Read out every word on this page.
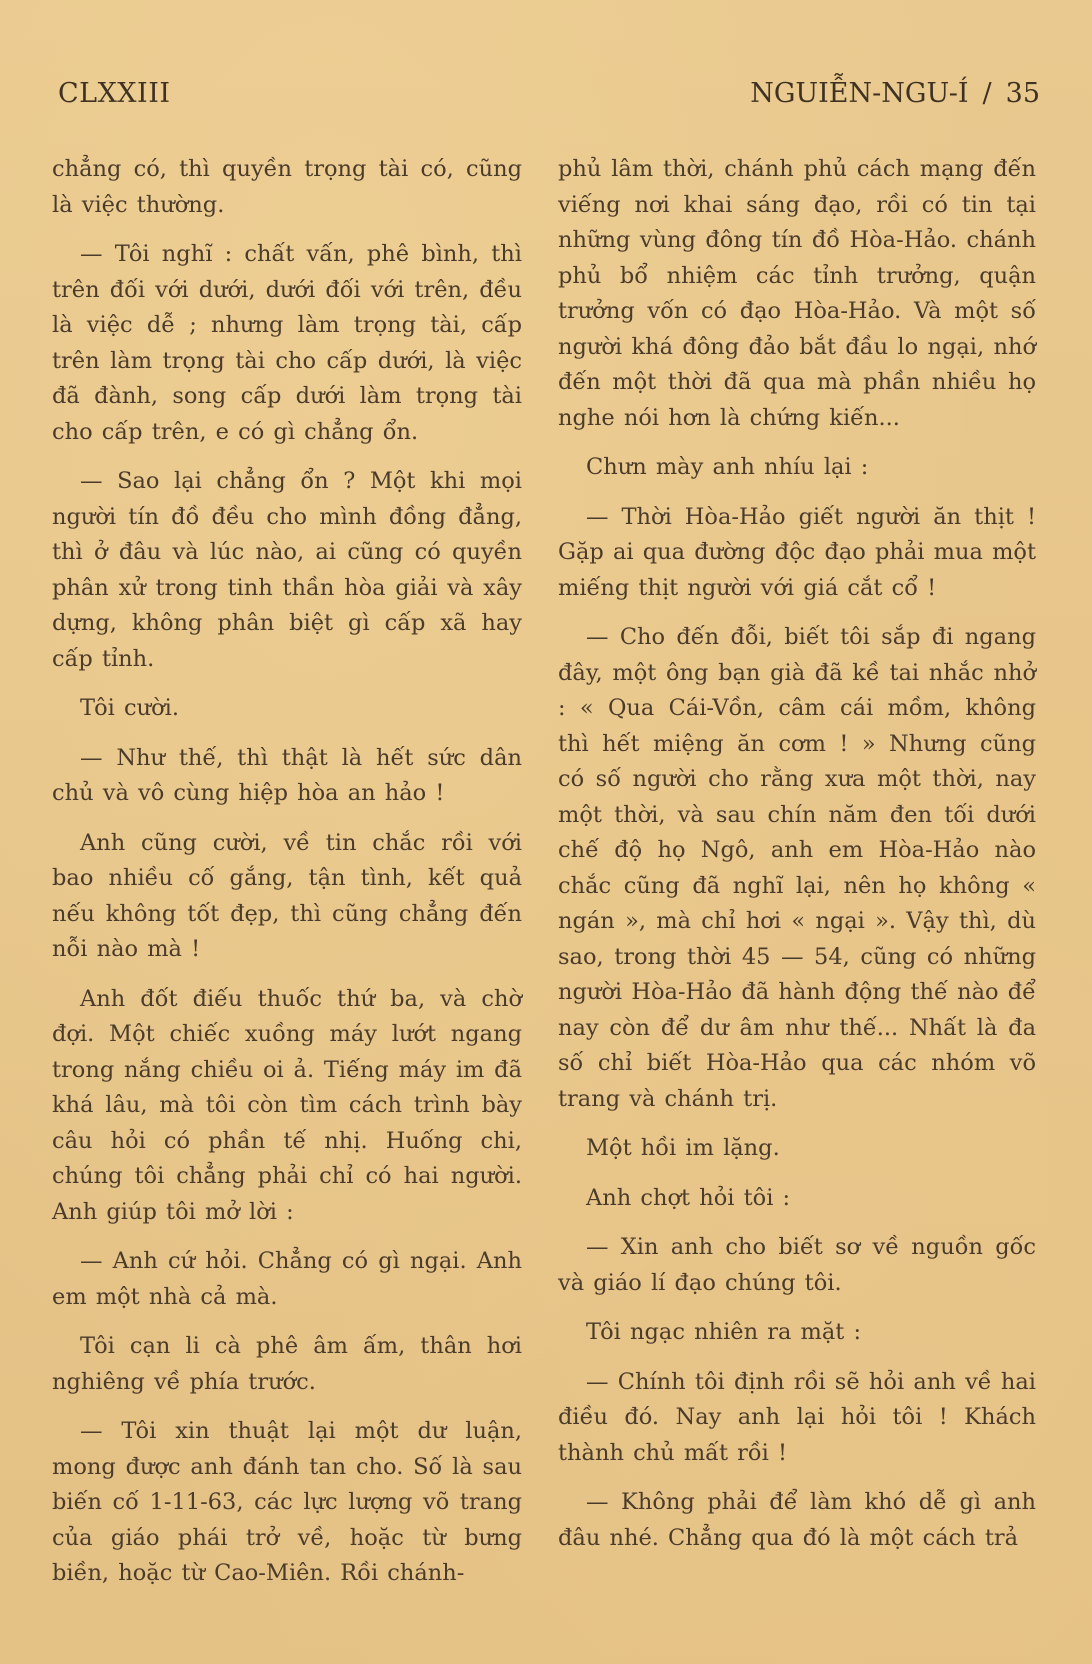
CLXXIII	NGUIỄN-NGU-Í / 35

chẳng có, thì quyền trọng tài có, cũng là việc thường.

— Tôi nghĩ : chất vấn, phê bình, thì trên đối với dưới, dưới đối với trên, đều là việc dễ ; nhưng làm trọng tài, cấp trên làm trọng tài cho cấp dưới, là việc đã đành, song cấp dưới làm trọng tài cho cấp trên, e có gì chẳng ổn.

— Sao lại chẳng ổn ? Một khi mọi người tín đồ đều cho mình đồng đẳng, thì ở đâu và lúc nào, ai cũng có quyền phân xử trong tinh thần hòa giải và xây dựng, không phân biệt gì cấp xã hay cấp tỉnh.

Tôi cười.

— Như thế, thì thật là hết sức dân chủ và vô cùng hiệp hòa an hảo !

Anh cũng cười, về tin chắc rồi với bao nhiều cố gắng, tận tình, kết quả nếu không tốt đẹp, thì cũng chẳng đến nỗi nào mà !

Anh đốt điếu thuốc thứ ba, và chờ đợi. Một chiếc xuồng máy lướt ngang trong nắng chiều oi ả. Tiếng máy im đã khá lâu, mà tôi còn tìm cách trình bày câu hỏi có phần tế nhị. Huống chi, chúng tôi chẳng phải chỉ có hai người. Anh giúp tôi mở lời :

— Anh cứ hỏi. Chẳng có gì ngại. Anh em một nhà cả mà.

Tôi cạn li cà phê âm ấm, thân hơi nghiêng về phía trước.

— Tôi xin thuật lại một dư luận, mong được anh đánh tan cho. Số là sau biến cố 1-11-63, các lực lượng võ trang của giáo phái trở về, hoặc từ bưng biền, hoặc từ Cao-Miên. Rồi chánh-

phủ lâm thời, chánh phủ cách mạng đến viếng nơi khai sáng đạo, rồi có tin tại những vùng đông tín đồ Hòa-Hảo. chánh phủ bổ nhiệm các tỉnh trưởng, quận trưởng vốn có đạo Hòa-Hảo. Và một số người khá đông đảo bắt đầu lo ngại, nhớ đến một thời đã qua mà phần nhiều họ nghe nói hơn là chứng kiến...

Chưn mày anh nhíu lại :

— Thời Hòa-Hảo giết người ăn thịt ! Gặp ai qua đường độc đạo phải mua một miếng thịt người với giá cắt cổ !

— Cho đến đỗi, biết tôi sắp đi ngang đây, một ông bạn già đã kề tai nhắc nhở : « Qua Cái-Vồn, câm cái mồm, không thì hết miệng ăn cơm ! » Nhưng cũng có số người cho rằng xưa một thời, nay một thời, và sau chín năm đen tối dưới chế độ họ Ngô, anh em Hòa-Hảo nào chắc cũng đã nghĩ lại, nên họ không « ngán », mà chỉ hơi « ngại ». Vậy thì, dù sao, trong thời 45 — 54, cũng có những người Hòa-Hảo đã hành động thế nào để nay còn để dư âm như thế... Nhất là đa số chỉ biết Hòa-Hảo qua các nhóm võ trang và chánh trị.

Một hồi im lặng.

Anh chợt hỏi tôi :

— Xin anh cho biết sơ về nguồn gốc và giáo lí đạo chúng tôi.

Tôi ngạc nhiên ra mặt :

— Chính tôi định rồi sẽ hỏi anh về hai điều đó. Nay anh lại hỏi tôi ! Khách thành chủ mất rồi !

— Không phải để làm khó dễ gì anh đâu nhé. Chẳng qua đó là một cách trả
